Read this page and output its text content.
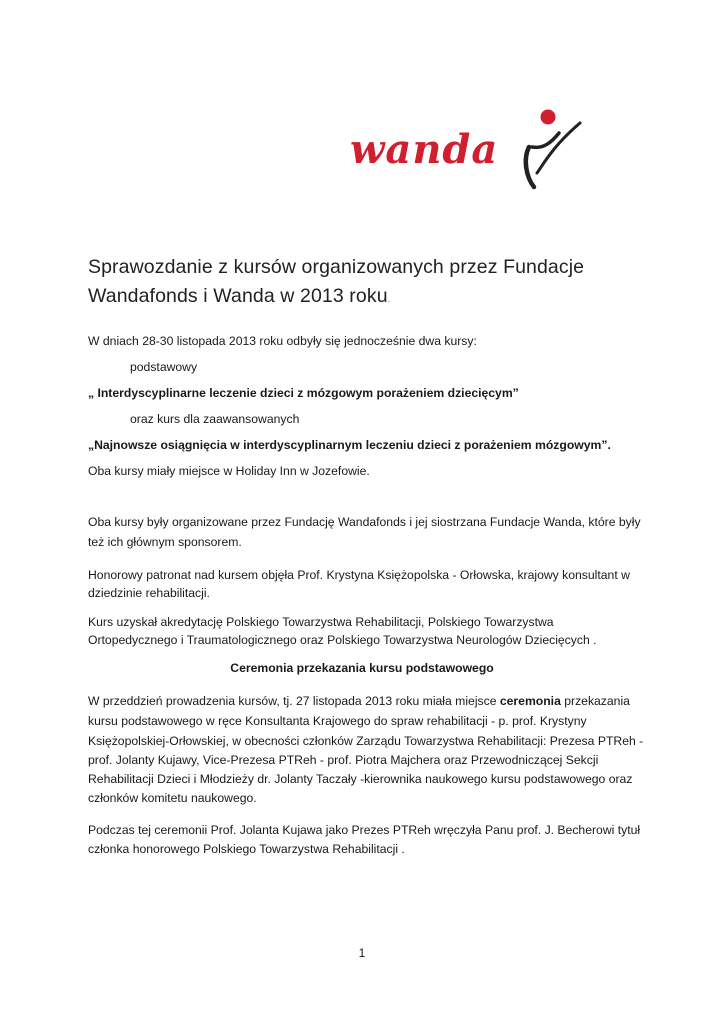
wanda
Sprawozdanie z kursów organizowanych przez Fundacje
Wandafonds i Wanda w 2013 roku.
W dniach 28-30 listopada 2013 roku odbyły się jednocześnie dwa kursy:
podstawowy
„ Interdyscyplinarne leczenie dzieci z mózgowym porażeniem dziecięcym”
oraz kurs dla zaawansowanych
„Najnowsze osiągnięcia w interdyscyplinarnym leczeniu dzieci z porażeniem mózgowym”.
Oba kursy miały miejsce w Holiday Inn w Jozefowie.
Oba kursy były organizowane przez Fundację Wandafonds i jej siostrzana Fundacje Wanda, które były
też ich głównym sponsorem.
Honorowy patronat nad kursem objęła Prof. Krystyna Księżopolska - Orłowska, krajowy konsultant w
dziedzinie rehabilitacji.
Kurs uzyskał akredytację Polskiego Towarzystwa Rehabilitacji, Polskiego Towarzystwa
Ortopedycznego i Traumatologicznego oraz Polskiego Towarzystwa Neurologów Dziecięcych .
Ceremonia przekazania kursu podstawowego
W przeddzień prowadzenia kursów, tj. 27 listopada 2013 roku miała miejsce ceremonia przekazania
kursu podstawowego w ręce Konsultanta Krajowego do spraw rehabilitacji - p. prof. Krystyny
Księżopolskiej-Orłowskiej, w obecności członków Zarządu Towarzystwa Rehabilitacji: Prezesa PTReh -
prof. Jolanty Kujawy, Vice-Prezesa PTReh - prof. Piotra Majchera oraz Przewodniczącej Sekcji
Rehabilitacji Dzieci i Młodzieży dr. Jolanty Taczały -kierownika naukowego kursu podstawowego oraz
członków komitetu naukowego.
Podczas tej ceremonii Prof. Jolanta Kujawa jako Prezes PTReh wręczyła Panu prof. J. Becherowi tytuł
członka honorowego Polskiego Towarzystwa Rehabilitacji .
1
